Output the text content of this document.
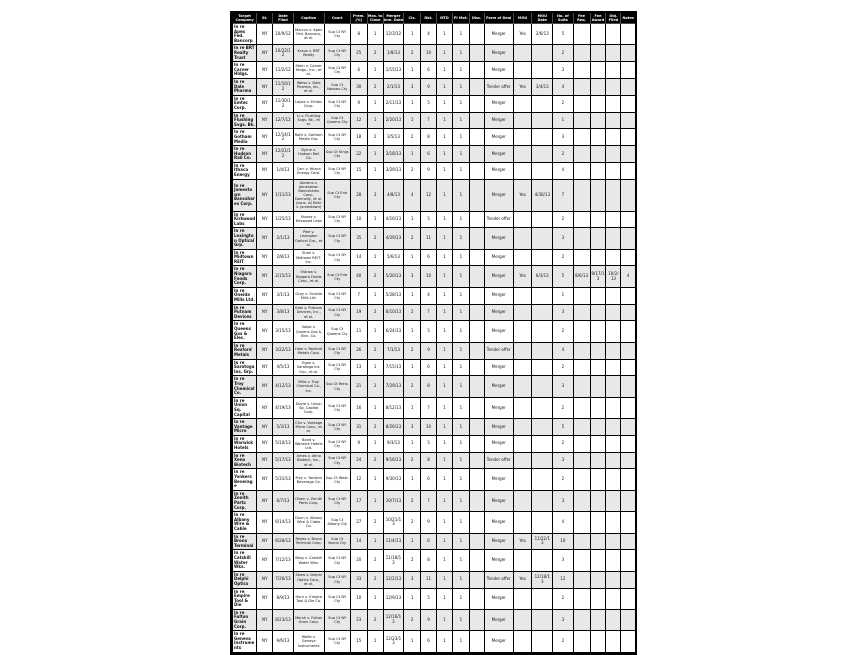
Target Company	St.	Date Filed	Caption	Court	Prem. (%)	Mos. to Close	Merger Ann. Date	Cls.	Dkt.	MTD	PI Mot.	Disc.	Form of Deal	MOU	MOU Date	No. of Suits	Fee Req.	Fee Award	Obj. Filed	Notes
In re Apex Fed. Bancorp	NY	10/9/12	Marcus v. Apex Fed. Bancorp, et al.	Sup Ct NY Cty	8	1	12/3/12	1	4	1	1		Merger	Yes	2/6/13	5				
In re BRT Realty Trust	NY	10/22/12	Kraus v. BRT Realty	Sup Ct NY Cty	25	2	1/8/13	2	10	1	1		Merger			2				
In re Carver Hldgs.	NY	11/2/12	Stein v. Carver Hldgs., Inc., et al.	Sup Ct NY Cty	6	1	1/15/13	1	6	1	1		Merger			3				
In re Dale Pharma	NY	11/16/12	Weiss v. Dale Pharma, Inc., et al.	Sup Ct Nassau Cty	30	2	2/1/13	3	9	1	1		Tender offer	Yes	3/4/13	4				
In re Emtec Corp.	NY	11/30/12	Lopez v. Emtec Corp.	Sup Ct NY Cty	9	1	2/11/13	1	5	1	1		Merger			2				
In re Flushing Svgs. Bk.	NY	12/7/12	Li v. Flushing Svgs. Bk., et al.	Sup Ct Queens Cty	12	1	2/20/13	1	7	1	1		Merger			1				
In re Gotham Media	NY	12/14/12	Roth v. Gotham Media Grp.	Sup Ct NY Cty	18	2	3/5/13	2	8	1	1		Merger			3				
In re Hudson Rail Co.	NY	12/21/12	Byrne v. Hudson Rail Co.	Sup Ct Kings Cty	22	1	3/18/13	1	6	1	1		Merger			2				
In re Ithaca Energy	NY	1/4/13	Carr v. Ithaca Energy Corp.	Sup Ct NY Cty	15	1	3/29/13	2	9	1	1		Merger			4				
In re Jamestown Bancshares Corp.	NY	1/11/13	Abrams v. Jamestown Bancshares Corp., Donnelly, et al. (cons. w/ Behr v. Jamestown)	Sup Ct Erie Cty	28	3	4/8/13	4	12	1	1		Merger	Yes	4/30/13	7				
In re Kirkwood Labs	NY	1/25/13	Nunez v. Kirkwood Labs	Sup Ct NY Cty	10	1	4/16/13	1	5	1	1		Tender offer			2				
In re Lexington Optical Grp.	NY	2/1/13	Pike v. Lexington Optical Grp., et al.	Sup Ct NY Cty	35	2	4/29/13	2	11	1	1		Merger			3				
In re Midtown REIT	NY	2/8/13	Shah v. Midtown REIT, Inc.	Sup Ct NY Cty	14	1	5/6/13	1	6	1	1		Merger			2				
In re Niagara Foods Corp.	NY	2/15/13	Ostrow v. Niagara Foods Corp., et al.	Sup Ct Erie Cty	40	2	5/20/13	3	10	1	1		Merger	Yes	6/3/13	5	8/6/13	9/17/13	10/2/13	4
In re Oneida Mills Ltd.	NY	3/1/13	Gray v. Oneida Mills Ltd.	Sup Ct NY Cty	7	1	5/28/13	1	4	1	1		Merger			1				
In re Putnam Devices	NY	3/8/13	Katz v. Putnam Devices, Inc., et al.	Sup Ct NY Cty	19	2	6/10/13	2	7	1	1		Merger			3				
In re Queens Gas & Elec.	NY	3/15/13	Volpe v. Queens Gas & Elec. Co.	Sup Ct Queens Cty	11	1	6/24/13	1	5	1	1		Merger			2				
In re Rexford Metals	NY	3/22/13	Hale v. Rexford Metals Corp.	Sup Ct NY Cty	26	2	7/1/13	2	9	1	1		Tender offer			4				
In re Saratoga Ins. Grp.	NY	4/5/13	Egan v. Saratoga Ins. Grp., et al.	Sup Ct NY Cty	13	1	7/15/13	1	6	1	1		Merger			2				
In re Troy Chemical Co.	NY	4/12/13	Mills v. Troy Chemical Co., Inc.	Sup Ct Rens. Cty	21	2	7/29/13	2	8	1	1		Merger			3				
In re Union Sq. Capital	NY	4/19/13	Doyle v. Union Sq. Capital Corp.	Sup Ct NY Cty	16	1	8/12/13	1	7	1	1		Merger			2				
In re Vantage Micro	NY	5/3/13	Chu v. Vantage Micro Corp., et al.	Sup Ct NY Cty	31	2	8/26/13	3	10	1	1		Merger			5				
In re Warwick Hotels	NY	5/10/13	Bond v. Warwick Hotels Ltd.	Sup Ct NY Cty	9	1	9/3/13	1	5	1	1		Merger			2				
In re Xeno Biotech	NY	5/17/13	Ames v. Xeno Biotech, Inc., et al.	Sup Ct NY Cty	24	2	9/16/13	2	8	1	1		Tender offer			3				
In re Yonkers Beverage	NY	5/31/13	Frey v. Yonkers Beverage Co.	Sup Ct West. Cty	12	1	9/30/13	1	6	1	1		Merger			2				
In re Zenith Parts Corp.	NY	6/7/13	Olsen v. Zenith Parts Corp.	Sup Ct NY Cty	17	1	10/7/13	2	7	1	1		Merger			3				
In re Albany Wire & Cable	NY	6/14/13	Dunn v. Albany Wire & Cable Co.	Sup Ct Albany Cty	27	2	10/21/13	2	9	1	1		Merger			4				
In re Bronx Terminal	NY	6/28/13	Reyes v. Bronx Terminal Corp.	Sup Ct Bronx Cty	14	1	11/4/13	1	6	1	1		Merger	Yes	11/22/13	10				
In re Catskill Water Wks.	NY	7/12/13	Berg v. Catskill Water Wks.	Sup Ct NY Cty	20	2	11/18/13	2	8	1	1		Merger			3				
In re Delphi Optics	NY	7/26/13	Shaw v. Delphi Optics Corp., et al.	Sup Ct NY Cty	33	2	12/2/13	3	11	1	1		Tender offer	Yes	12/18/13	12				
In re Empire Tool & Die	NY	8/9/13	Horn v. Empire Tool & Die Co.	Sup Ct NY Cty	10	1	12/9/13	1	5	1	1		Merger			2				
In re Fulton Grain Corp.	NY	8/23/13	Marsh v. Fulton Grain Corp.	Sup Ct NY Cty	23	2	12/16/13	2	9	1	1		Merger			3				
In re Geneva Instruments	NY	9/6/13	Wolfe v. Geneva Instruments	Sup Ct NY Cty	15	1	12/23/13	1	6	1	1		Merger			2				
